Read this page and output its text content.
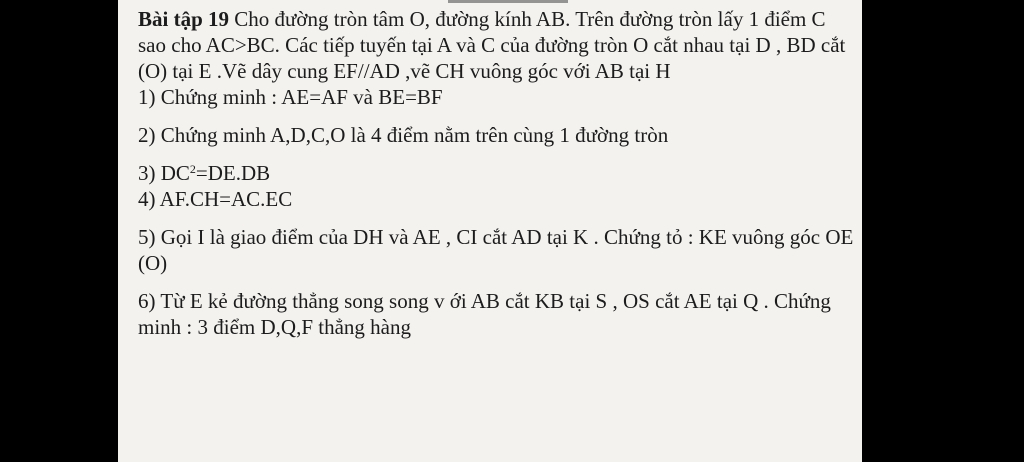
Bài tập 19 Cho đường tròn tâm O, đường kính AB. Trên đường tròn lấy 1 điểm C sao cho AC>BC. Các tiếp tuyến tại A và C của đường tròn O cắt nhau tại D , BD cắt (O) tại E .Vẽ dây cung EF//AD ,vẽ CH vuông góc với AB tại H

1) Chứng minh : AE=AF và BE=BF

2) Chứng minh A,D,C,O là 4 điểm nằm trên cùng 1 đường tròn

3) $DC^2=DE.DB$

4) AF.CH=AC.EC

5) Gọi I là giao điểm của DH và AE , CI cắt AD tại K . Chứng tỏ : KE vuông góc OE (O)

6) Từ E kẻ đường thẳng song song v ới AB cắt KB tại S , OS cắt AE tại Q . Chứng minh : 3 điểm D,Q,F thẳng hàng
